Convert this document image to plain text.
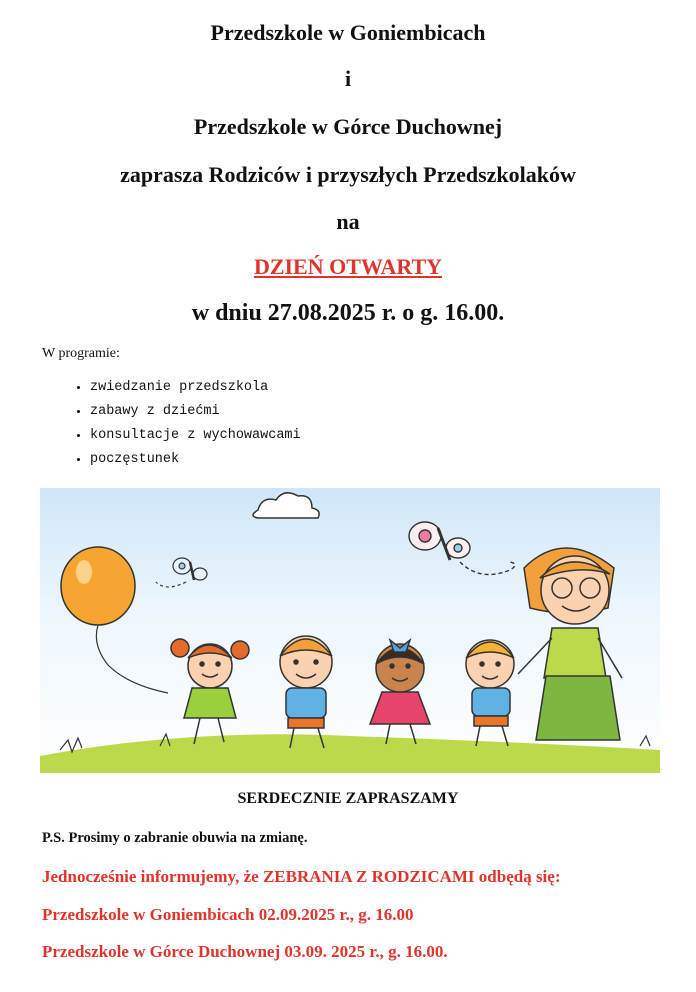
Przedszkole w Goniembicach
i
Przedszkole w Górce Duchownej
zaprasza Rodziców i przyszłych Przedszkolaków
na
DZIEŃ OTWARTY
w dniu 27.08.2025 r. o g. 16.00.
W programie:
• zwiedzanie przedszkola
• zabawy z dziećmi
• konsultacje z wychowawcami
• poczęstunek
SERDECZNIE ZAPRASZAMY
P.S. Prosimy o zabranie obuwia na zmianę.
Jednocześnie informujemy, że ZEBRANIA Z RODZICAMI odbędą się:
Przedszkole w Goniembicach 02.09.2025 r., g. 16.00
Przedszkole w Górce Duchownej 03.09. 2025 r., g. 16.00.
